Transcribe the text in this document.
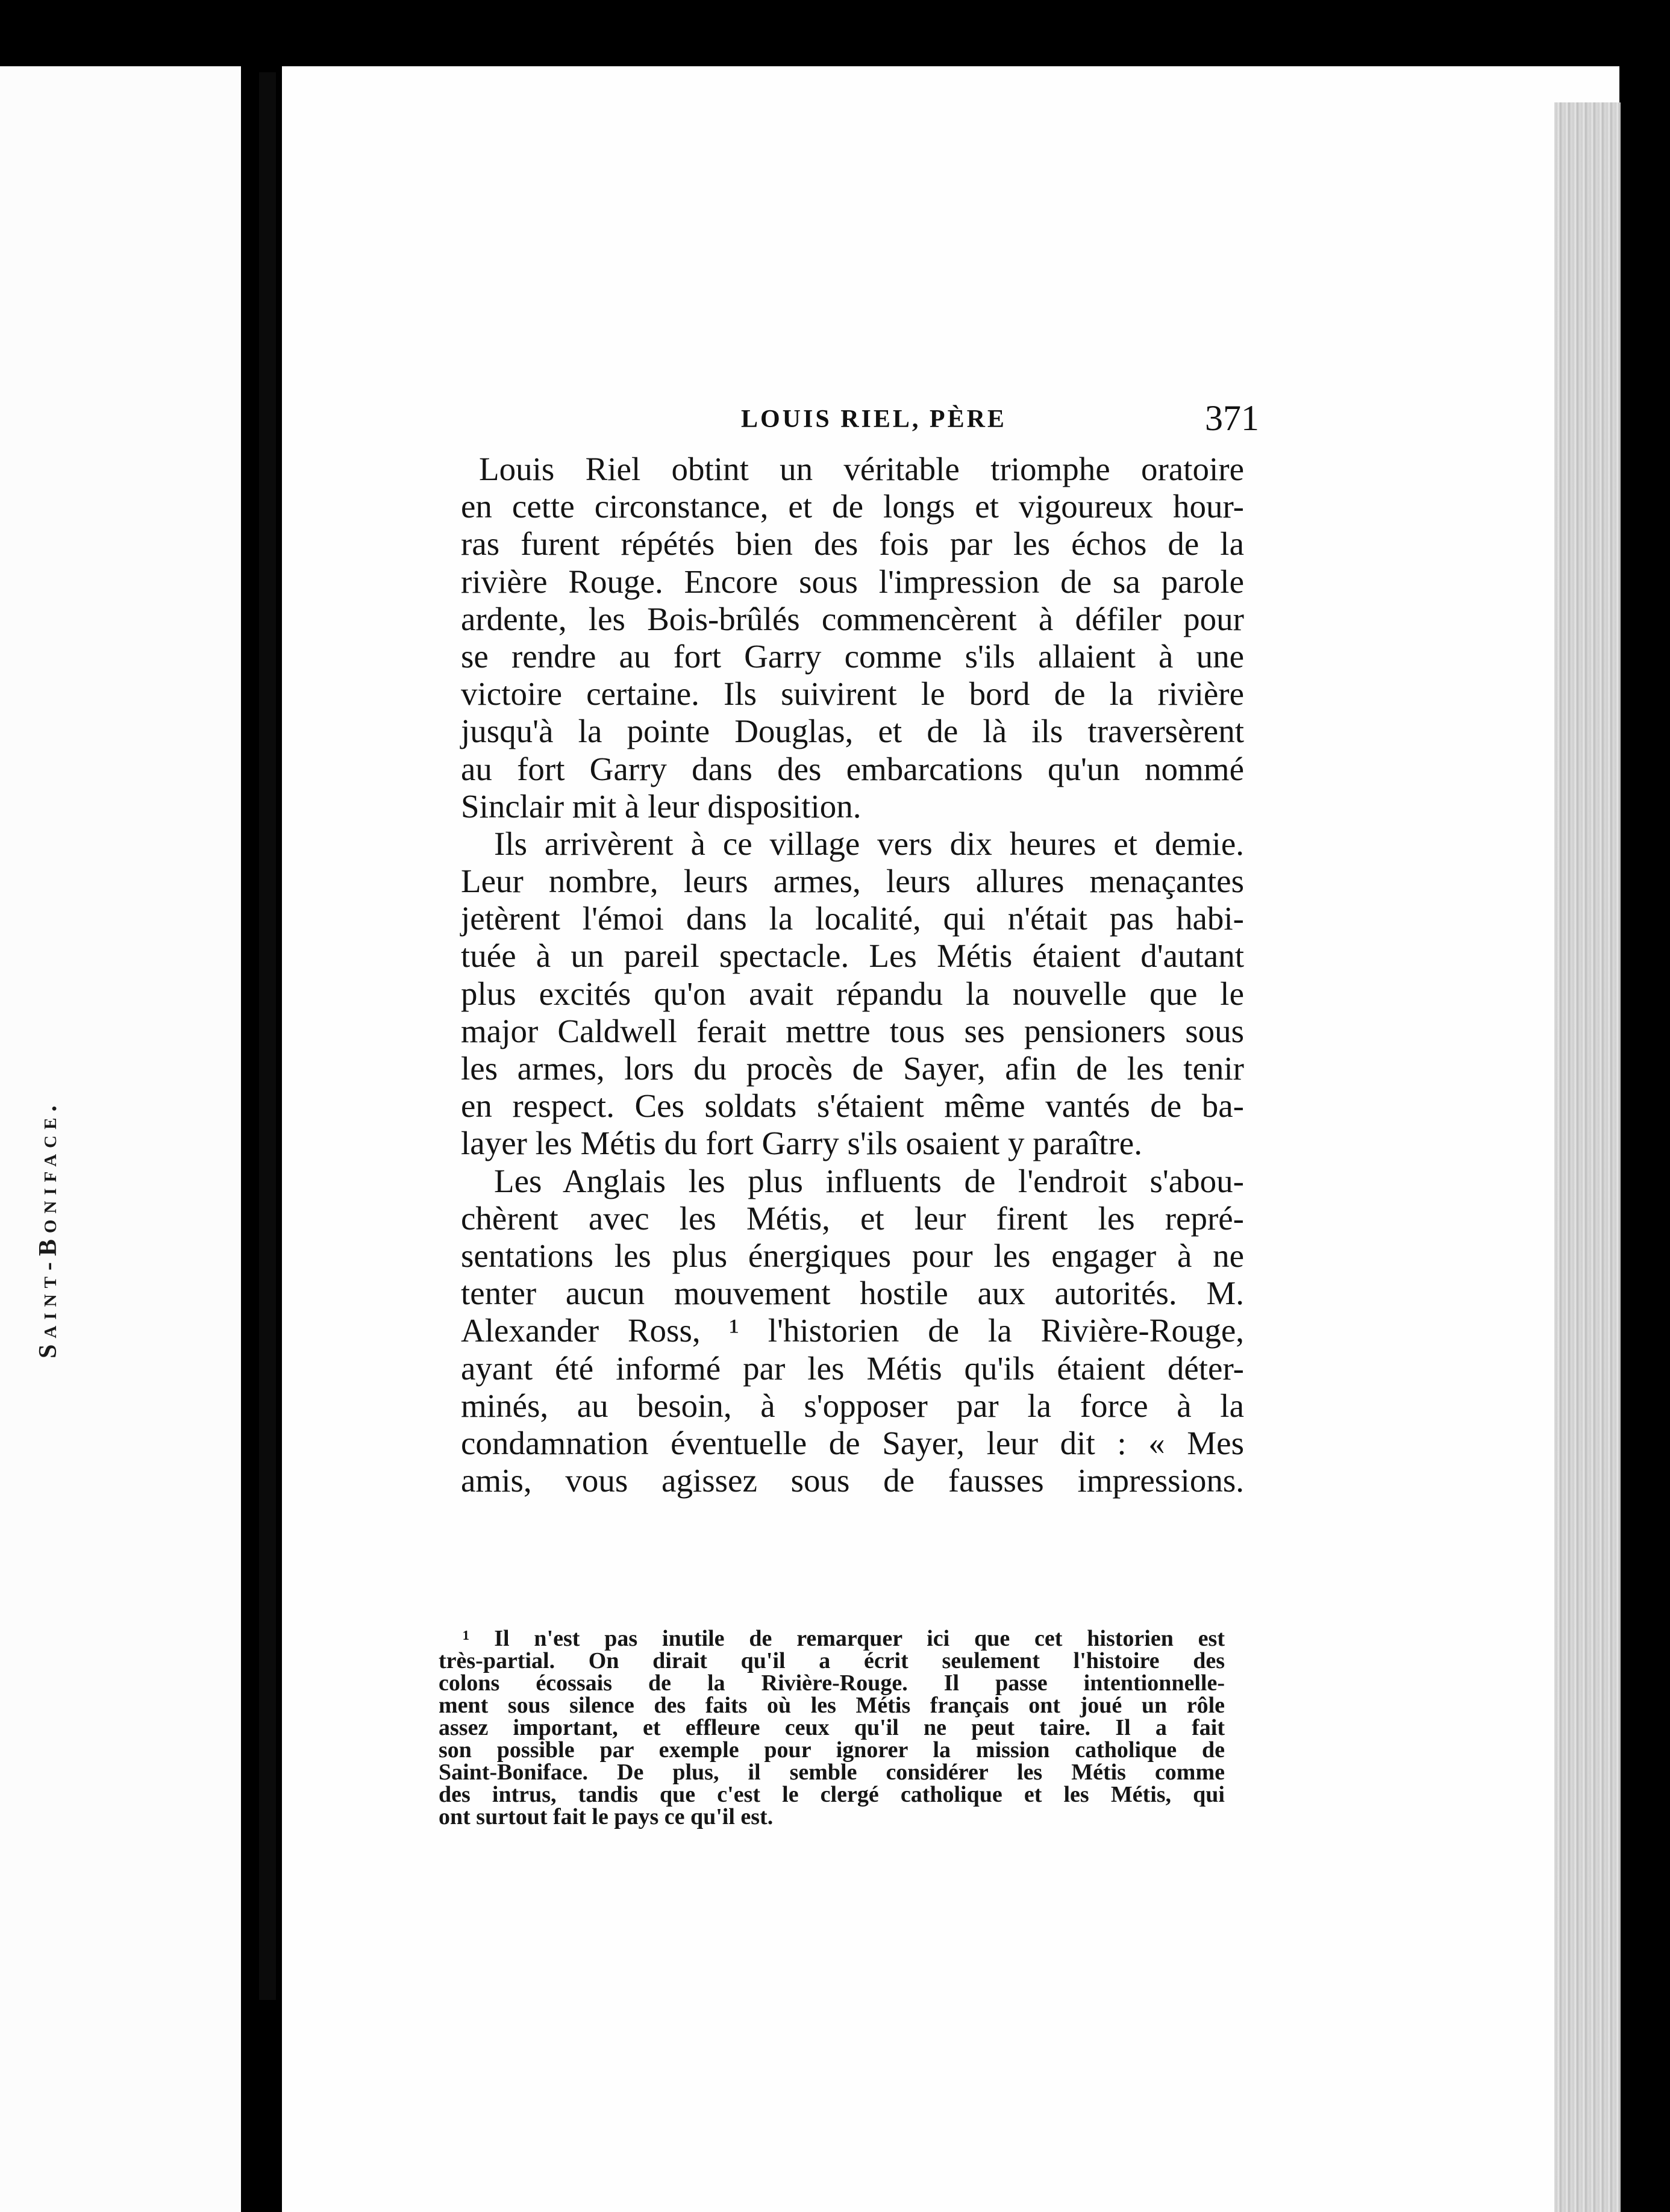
Saint-Boniface.
LOUIS RIEL, PÈRE	371
Louis Riel obtint un véritable triomphe oratoire
en cette circonstance, et de longs et vigoureux hour-
ras furent répétés bien des fois par les échos de la
rivière Rouge. Encore sous l'impression de sa parole
ardente, les Bois-brûlés commencèrent à défiler pour
se rendre au fort Garry comme s'ils allaient à une
victoire certaine. Ils suivirent le bord de la rivière
jusqu'à la pointe Douglas, et de là ils traversèrent
au fort Garry dans des embarcations qu'un nommé
Sinclair mit à leur disposition.
Ils arrivèrent à ce village vers dix heures et demie.
Leur nombre, leurs armes, leurs allures menaçantes
jetèrent l'émoi dans la localité, qui n'était pas habi-
tuée à un pareil spectacle. Les Métis étaient d'autant
plus excités qu'on avait répandu la nouvelle que le
major Caldwell ferait mettre tous ses pensioners sous
les armes, lors du procès de Sayer, afin de les tenir
en respect. Ces soldats s'étaient même vantés de ba-
layer les Métis du fort Garry s'ils osaient y paraître.
Les Anglais les plus influents de l'endroit s'abou-
chèrent avec les Métis, et leur firent les repré-
sentations les plus énergiques pour les engager à ne
tenter aucun mouvement hostile aux autorités. M.
Alexander Ross, ¹ l'historien de la Rivière-Rouge,
ayant été informé par les Métis qu'ils étaient déter-
minés, au besoin, à s'opposer par la force à la
condamnation éventuelle de Sayer, leur dit : « Mes
amis, vous agissez sous de fausses impressions.
¹ Il n'est pas inutile de remarquer ici que cet historien est
très-partial. On dirait qu'il a écrit seulement l'histoire des
colons écossais de la Rivière-Rouge. Il passe intentionnelle-
ment sous silence des faits où les Métis français ont joué un rôle
assez important, et effleure ceux qu'il ne peut taire. Il a fait
son possible par exemple pour ignorer la mission catholique de
Saint-Boniface. De plus, il semble considérer les Métis comme
des intrus, tandis que c'est le clergé catholique et les Métis, qui
ont surtout fait le pays ce qu'il est.
